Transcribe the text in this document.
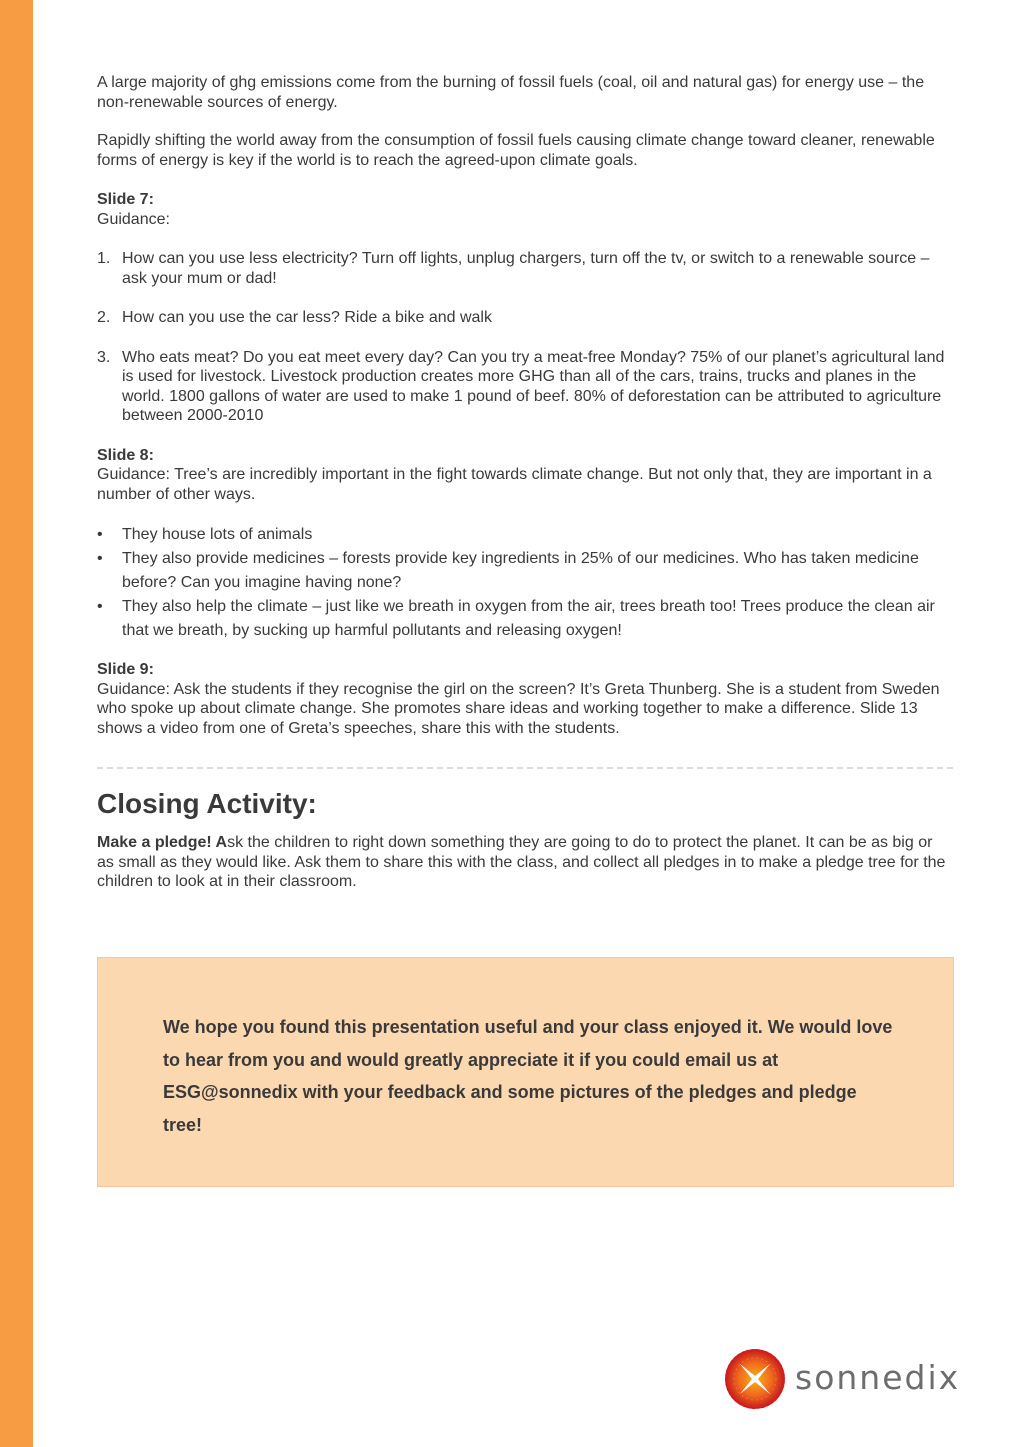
A large majority of ghg emissions come from the burning of fossil fuels (coal, oil and natural gas) for energy use – the non-renewable sources of energy.

Rapidly shifting the world away from the consumption of fossil fuels causing climate change toward cleaner, renewable forms of energy is key if the world is to reach the agreed-upon climate goals.

Slide 7:

Guidance:

1. How can you use less electricity? Turn off lights, unplug chargers, turn off the tv, or switch to a renewable source – ask your mum or dad!
2. How can you use the car less? Ride a bike and walk
3. Who eats meat? Do you eat meet every day? Can you try a meat-free Monday? 75% of our planet’s agricultural land is used for livestock. Livestock production creates more GHG than all of the cars, trains, trucks and planes in the world. 1800 gallons of water are used to make 1 pound of beef. 80% of deforestation can be attributed to agriculture between 2000-2010

Slide 8:

Guidance: Tree’s are incredibly important in the fight towards climate change. But not only that, they are important in a number of other ways.

• They house lots of animals
• They also provide medicines – forests provide key ingredients in 25% of our medicines. Who has taken medicine before? Can you imagine having none?
• They also help the climate – just like we breath in oxygen from the air, trees breath too! Trees produce the clean air that we breath, by sucking up harmful pollutants and releasing oxygen!

Slide 9:

Guidance: Ask the students if they recognise the girl on the screen? It’s Greta Thunberg. She is a student from Sweden who spoke up about climate change. She promotes share ideas and working together to make a difference. Slide 13 shows a video from one of Greta’s speeches, share this with the students.

Closing Activity:

Make a pledge! Ask the children to right down something they are going to do to protect the planet. It can be as big or as small as they would like. Ask them to share this with the class, and collect all pledges in to make a pledge tree for the children to look at in their classroom.

We hope you found this presentation useful and your class enjoyed it. We would love to hear from you and would greatly appreciate it if you could email us at ESG@sonnedix with your feedback and some pictures of the pledges and pledge tree!

sonnedix
